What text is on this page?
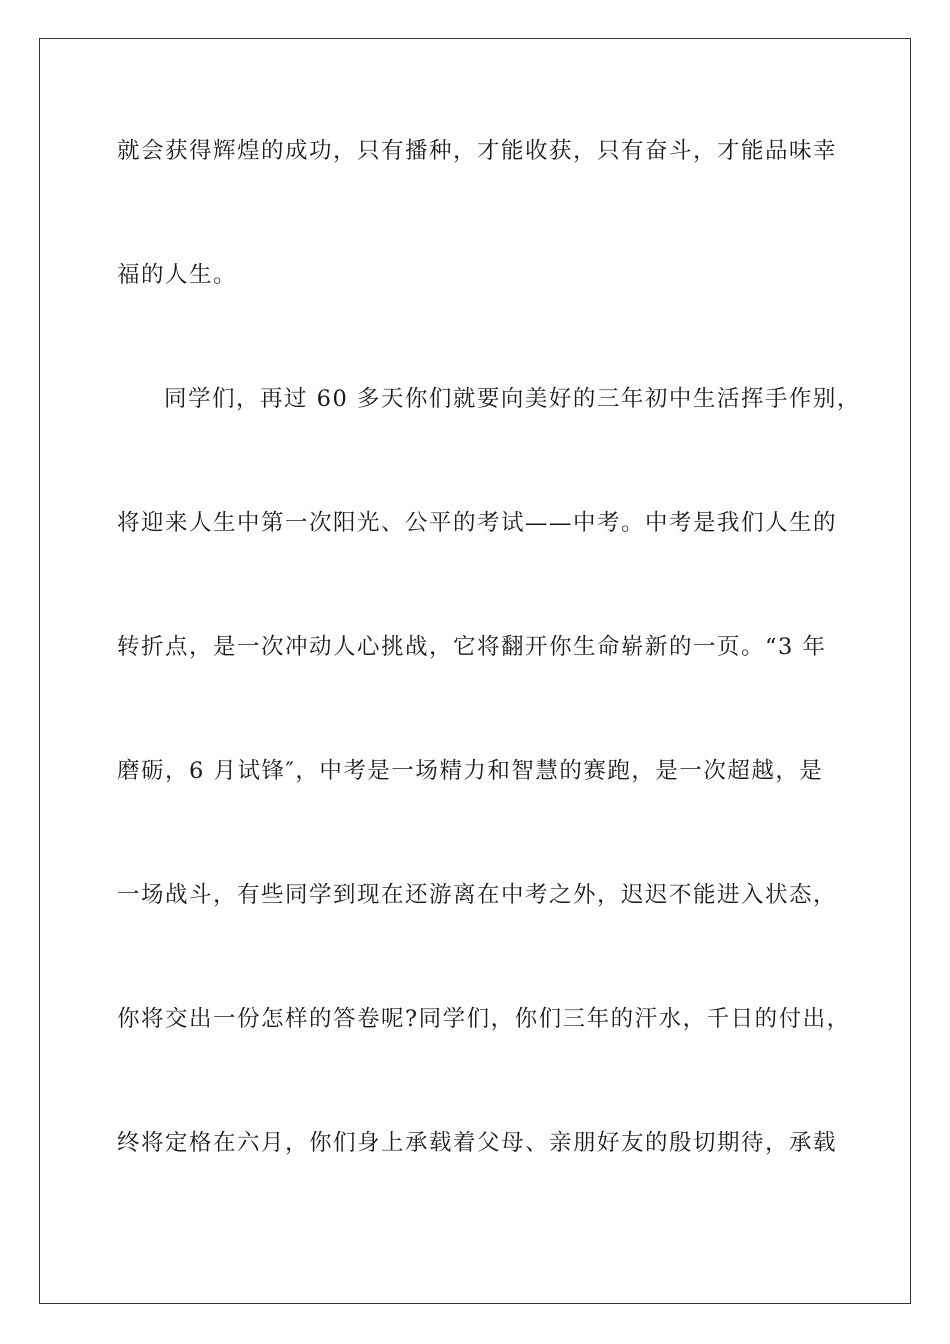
就会获得辉煌的成功，只有播种，才能收获，只有奋斗，才能品味幸
福的人生。
同学们，再过 60 多天你们就要向美好的三年初中生活挥手作别，
将迎来人生中第一次阳光、公平的考试——中考。中考是我们人生的
转折点，是一次冲动人心挑战，它将翻开你生命崭新的一页。“3 年
磨砺，6 月试锋″，中考是一场精力和智慧的赛跑，是一次超越，是
一场战斗，有些同学到现在还游离在中考之外，迟迟不能进入状态，
你将交出一份怎样的答卷呢?同学们，你们三年的汗水，千日的付出，
终将定格在六月，你们身上承载着父母、亲朋好友的殷切期待，承载
